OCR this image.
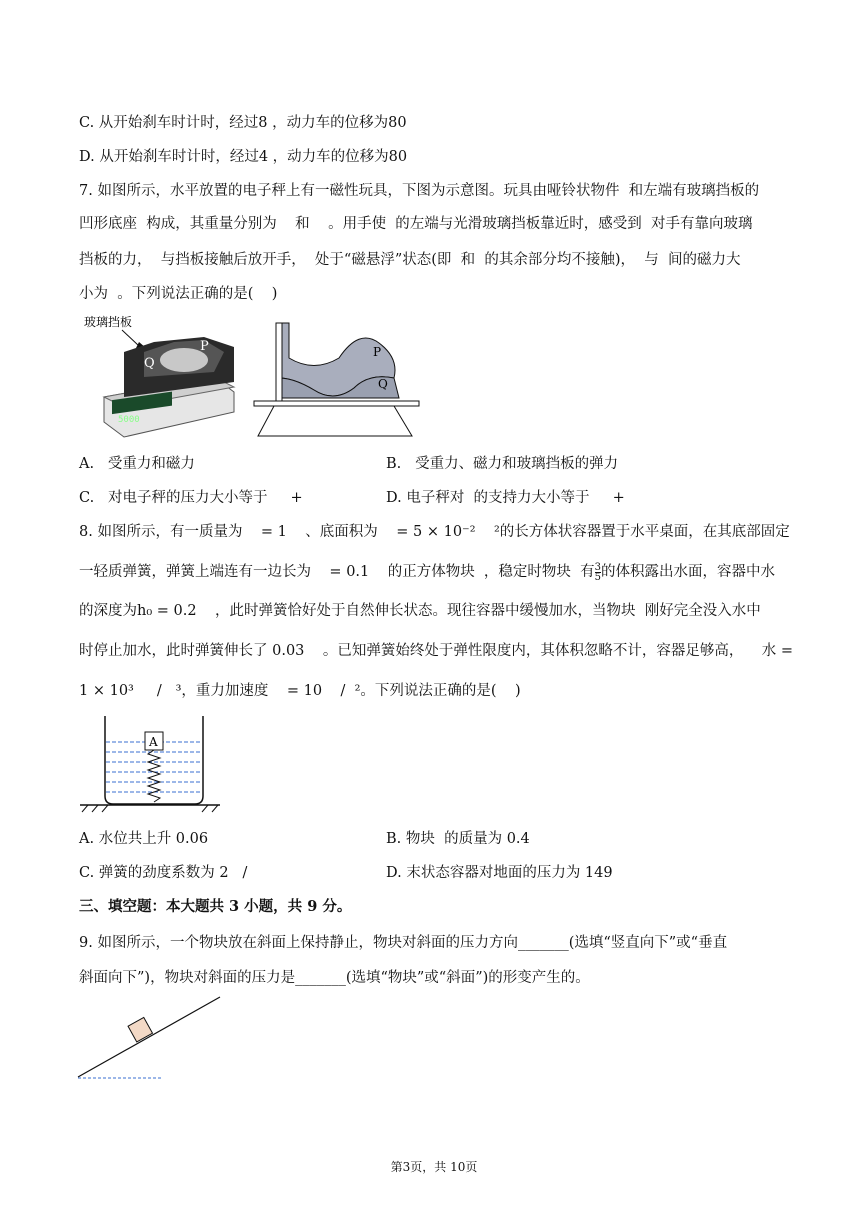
C. 从开始刹车时计时，经过8 ，动力车的位移为80
D. 从开始刹车时计时，经过4 ，动力车的位移为80
7. 如图所示，水平放置的电子秤上有一磁性玩具，下图为示意图。玩具由哑铃状物件  和左端有玻璃挡板的
凹形底座  构成，其重量分别为    和    。用手使  的左端与光滑玻璃挡板靠近时，感受到  对手有靠向玻璃
挡板的力，  与挡板接触后放开手，  处于“磁悬浮”状态(即  和  的其余部分均不接触)，  与  间的磁力大
小为  。下列说法正确的是(    )
玻璃挡板
5000
Q
P	P
Q
A.   受重力和磁力	B.   受重力、磁力和玻璃挡板的弹力
C.   对电子秤的压力大小等于     +	D. 电子秤对  的支持力大小等于     +
8. 如图所示，有一质量为    = 1    、底面积为    = 5 × 10⁻²    ²的长方体状容器置于水平桌面，在其底部固定
一轻质弹簧，弹簧上端连有一边长为    = 0.1    的正方体物块  ，稳定时物块  有 $\frac{3}{5}$ 的体积露出水面，容器中水
的深度为h₀ = 0.2    ，此时弹簧恰好处于自然伸长状态。现往容器中缓慢加水，当物块  刚好完全没入水中
时停止加水，此时弹簧伸长了 0.03    。已知弹簧始终处于弹性限度内，其体积忽略不计，容器足够高，    水 =
1 × 10³     /   ³，重力加速度    = 10    /  ²。下列说法正确的是(    )
A
A. 水位共上升 0.06	B. 物块  的质量为 0.4
C. 弹簧的劲度系数为 2   /	D. 末状态容器对地面的压力为 149
三、填空题：本大题共 3 小题，共 9 分。
9. 如图所示，一个物块放在斜面上保持静止，物块对斜面的压力方向_______(选填“竖直向下”或“垂直
斜面向下”)，物块对斜面的压力是_______(选填“物块”或“斜面”)的形变产生的。
第3页，共 10页
